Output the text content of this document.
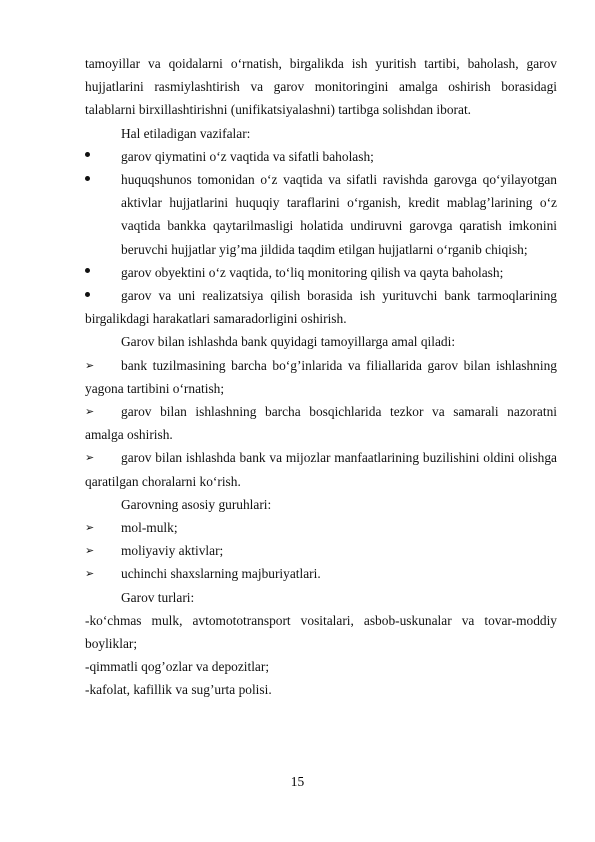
tamoyillar va qoidalarni o‘rnatish, birgalikda ish yuritish tartibi, baholash, garov hujjatlarini rasmiylashtirish va garov monitoringini amalga oshirish borasidagi talablarni birxillashtirishni (unifikatsiyalashni) tartibga solishdan iborat.

Hal etiladigan vazifalar:

garov qiymatini o‘z vaqtida va sifatli baholash;

huquqshunos tomonidan o‘z vaqtida va sifatli ravishda garovga qo‘yilayotgan aktivlar hujjatlarini huquqiy taraflarini o‘rganish, kredit mablag’larining o‘z vaqtida bankka qaytarilmasligi holatida undiruvni garovga qaratish imkonini beruvchi hujjatlar yig’ma jildida taqdim etilgan hujjatlarni o‘rganib chiqish;

garov obyektini o‘z vaqtida, to‘liq monitoring qilish va qayta baholash;

garov va uni realizatsiya qilish borasida ish yurituvchi bank tarmoqlarining birgalikdagi harakatlari samaradorligini oshirish.

Garov bilan ishlashda bank quyidagi tamoyillarga amal qiladi:

➢	bank tuzilmasining barcha bo‘g’inlarida va filiallarida garov bilan ishlashning yagona tartibini o‘rnatish;

➢	garov bilan ishlashning barcha bosqichlarida tezkor va samarali nazoratni amalga oshirish.

➢	garov bilan ishlashda bank va mijozlar manfaatlarining buzilishini oldini olishga qaratilgan choralarni ko‘rish.

Garovning asosiy guruhlari:

➢	mol-mulk;

➢	moliyaviy aktivlar;

➢	uchinchi shaxslarning majburiyatlari.

Garov turlari:

-ko‘chmas mulk, avtomototransport vositalari, asbob-uskunalar va tovar-moddiy boyliklar;

-qimmatli qog’ozlar va depozitlar;

-kafolat, kafillik va sug’urta polisi.

15
